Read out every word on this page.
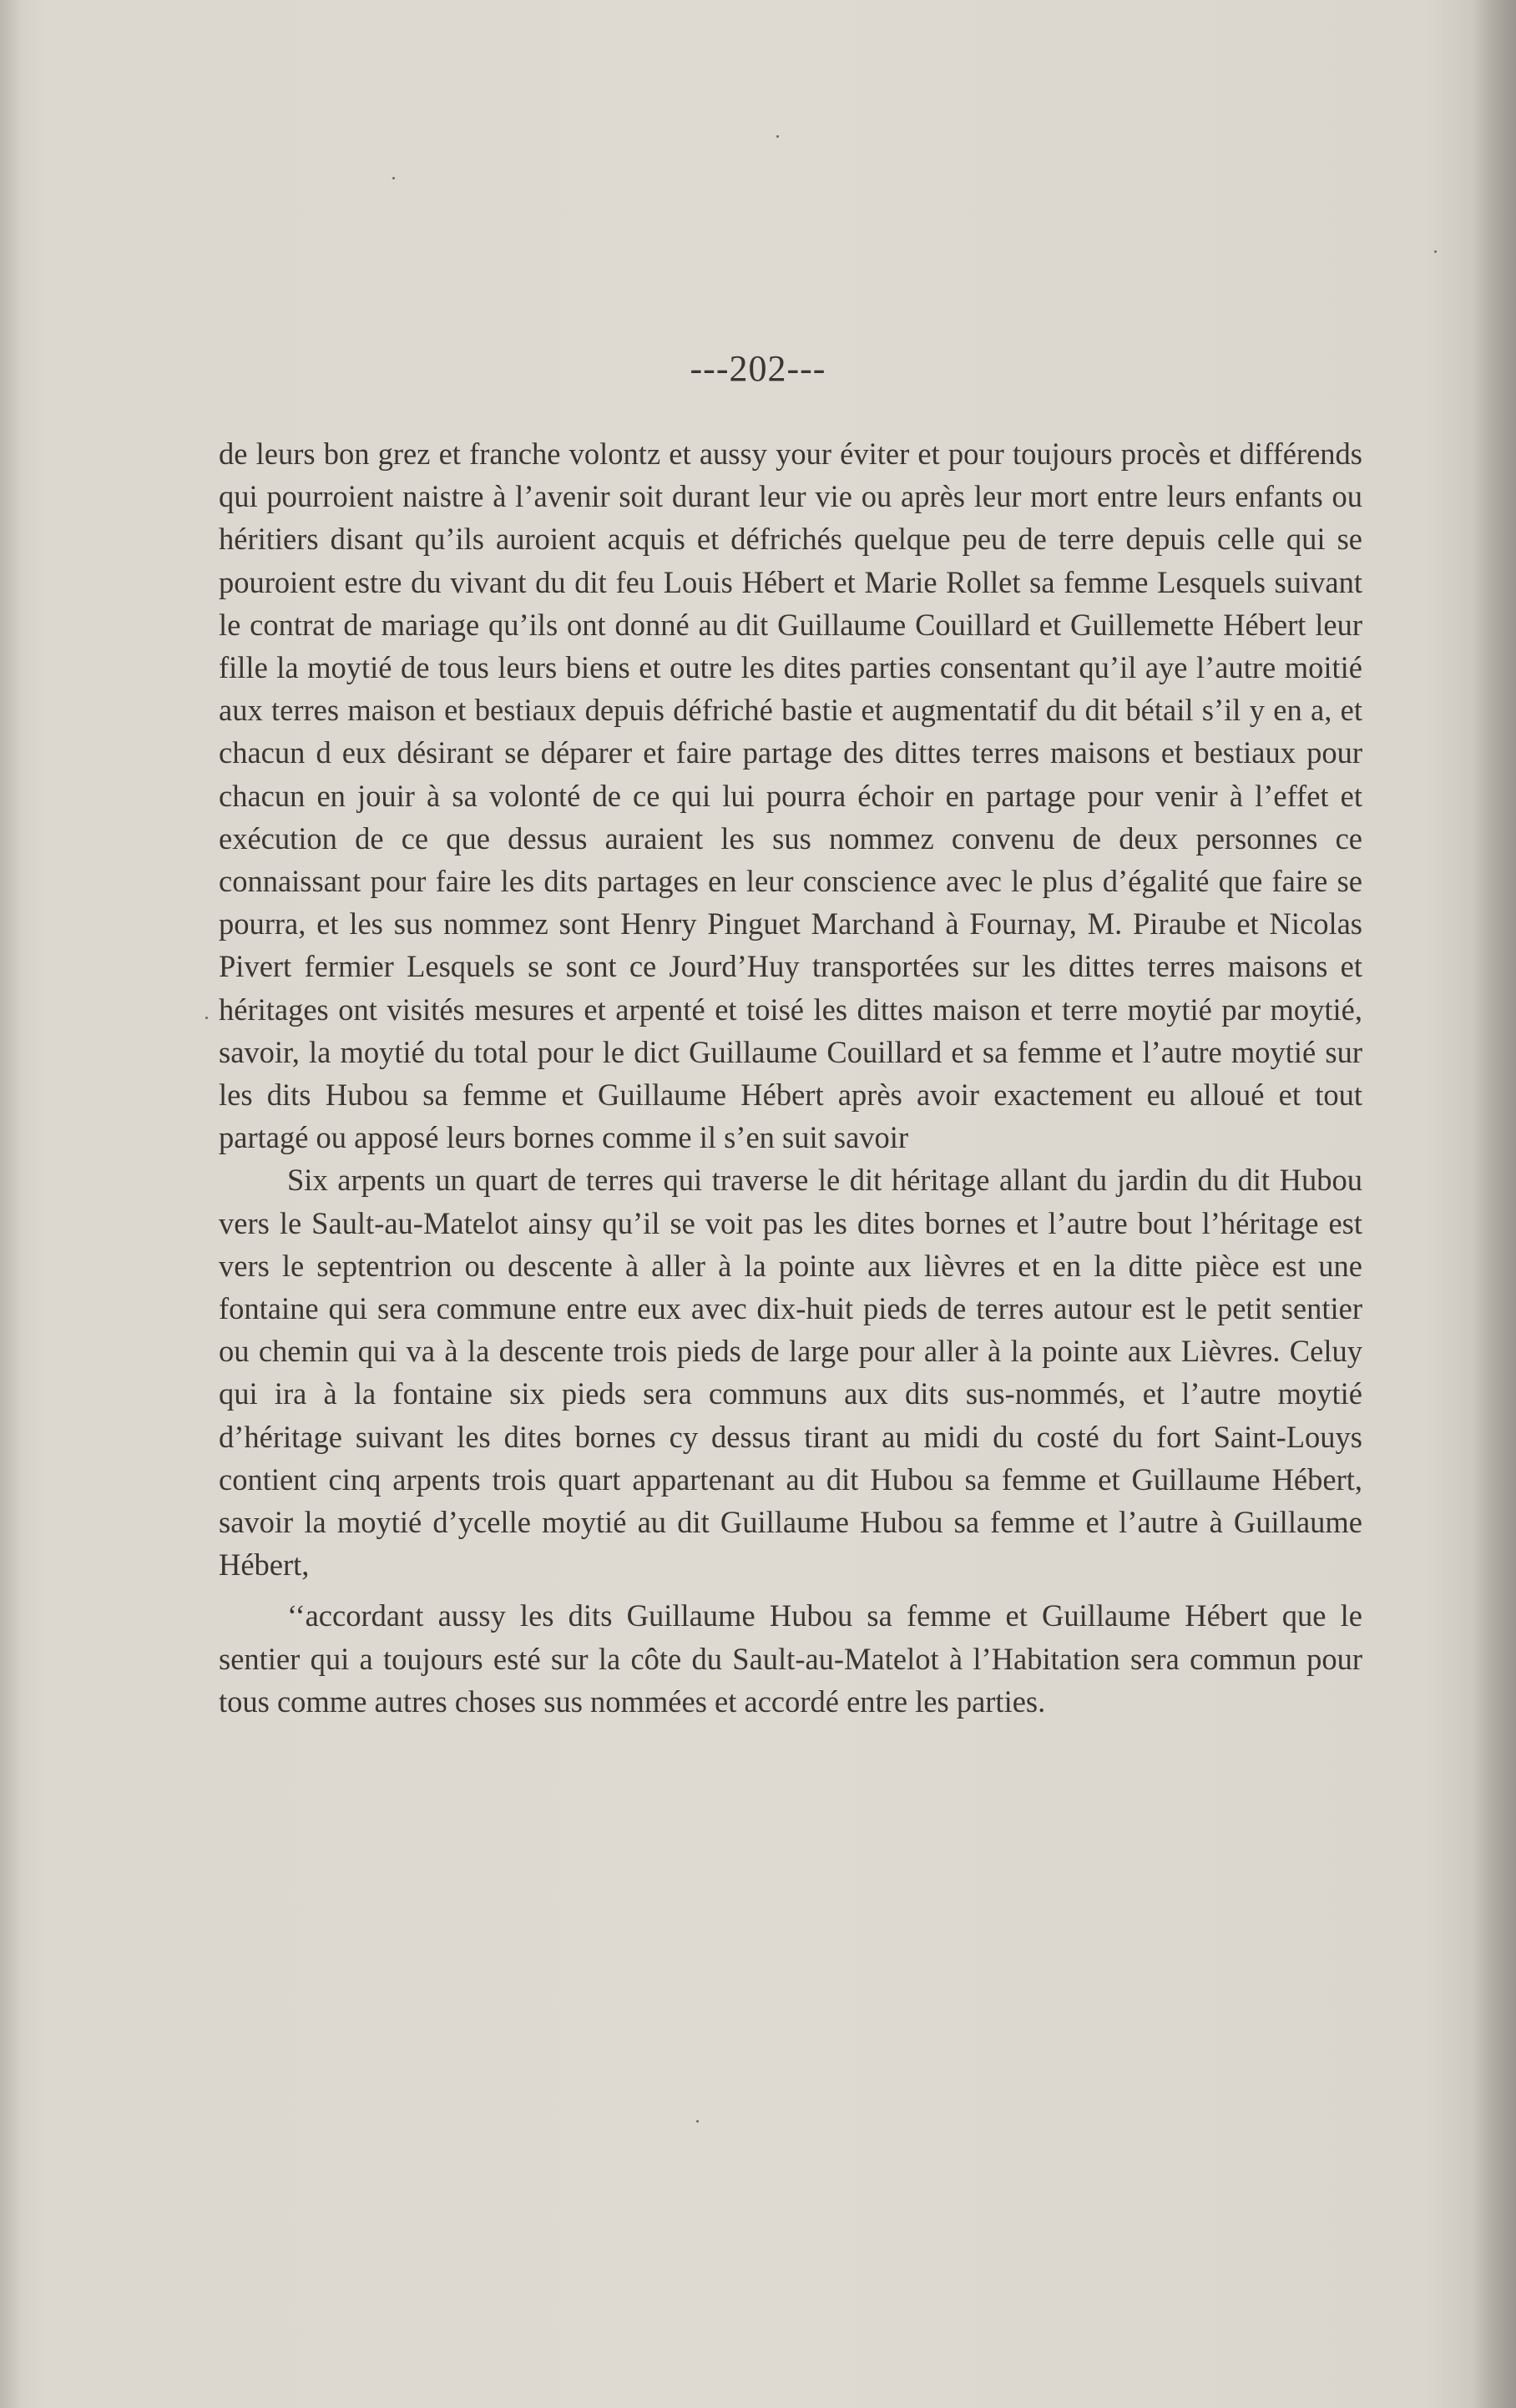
---202---

de leurs bon grez et franche volontz et aussy your éviter et pour toujours procès et différends qui pourroient naistre à l’avenir soit durant leur vie ou après leur mort entre leurs enfants ou héritiers disant qu’ils auroient acquis et défrichés quelque peu de terre depuis celle qui se pouroient estre du vivant du dit feu Louis Hébert et Marie Rollet sa femme Lesquels suivant le contrat de mariage qu’ils ont donné au dit Guillaume Couillard et Guillemette Hébert leur fille la moytié de tous leurs biens et outre les dites parties consentant qu’il aye l’autre moitié aux terres maison et bestiaux depuis défriché bastie et augmentatif du dit bétail s’il y en a, et chacun d eux désirant se déparer et faire partage des dittes terres maisons et bestiaux pour chacun en jouir à sa volonté de ce qui lui pourra échoir en partage pour venir à l’effet et exécution de ce que dessus auraient les sus nommez convenu de deux personnes ce connaissant pour faire les dits partages en leur conscience avec le plus d’égalité que faire se pourra, et les sus nommez sont Henry Pinguet Marchand à Fournay, M. Piraube et Nicolas Pivert fermier Lesquels se sont ce Jourd’Huy transportées sur les dittes terres maisons et héritages ont visités mesures et arpenté et toisé les dittes maison et terre moytié par moytié, savoir, la moytié du total pour le dict Guillaume Couillard et sa femme et l’autre moytié sur les dits Hubou sa femme et Guillaume Hébert après avoir exactement eu alloué et tout partagé ou apposé leurs bornes comme il s’en suit savoir

Six arpents un quart de terres qui traverse le dit héritage allant du jardin du dit Hubou vers le Sault-au-Matelot ainsy qu’il se voit pas les dites bornes et l’autre bout l’héritage est vers le septentrion ou descente à aller à la pointe aux lièvres et en la ditte pièce est une fontaine qui sera commune entre eux avec dix-huit pieds de terres autour est le petit sentier ou chemin qui va à la descente trois pieds de large pour aller à la pointe aux Lièvres. Celuy qui ira à la fontaine six pieds sera communs aux dits sus-nommés, et l’autre moytié d’héritage suivant les dites bornes cy dessus tirant au midi du costé du fort Saint-Louys contient cinq arpents trois quart appartenant au dit Hubou sa femme et Guillaume Hébert, savoir la moytié d’ycelle moytié au dit Guillaume Hubou sa femme et l’autre à Guillaume Hébert,

‘‘accordant aussy les dits Guillaume Hubou sa femme et Guillaume Hébert que le sentier qui a toujours esté sur la côte du Sault-au-Matelot à l’Habitation sera commun pour tous comme autres choses sus nommées et accordé entre les parties.
